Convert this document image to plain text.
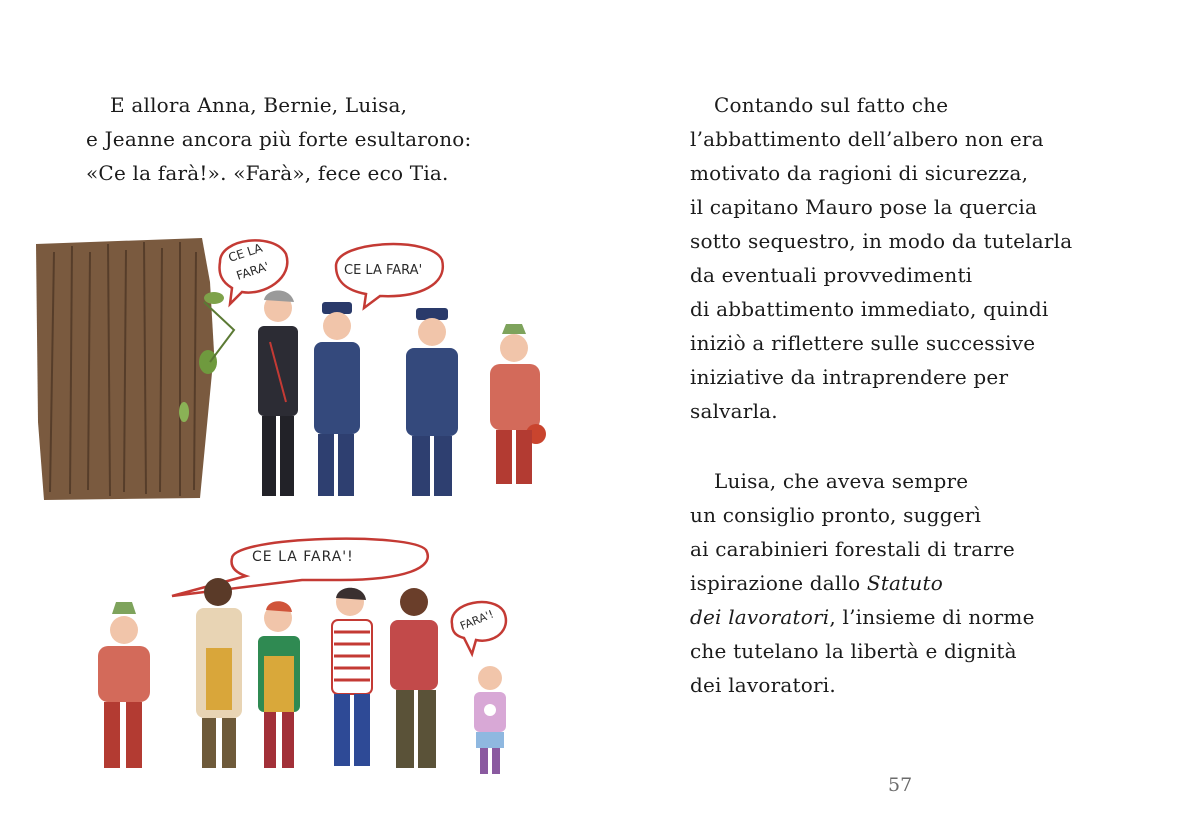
E allora Anna, Bernie, Luisa,
e Jeanne ancora più forte esultarono:
«Ce la farà!». «Farà», fece eco Tia.

CE LA
FARA'	CE LA FARA'
CE LA FARA'!
FARA'!

Contando sul fatto che
l’abbattimento dell’albero non era
motivato da ragioni di sicurezza,
il capitano Mauro pose la quercia
sotto sequestro, in modo da tutelarla
da eventuali provvedimenti
di abbattimento immediato, quindi
iniziò a riflettere sulle successive
iniziative da intraprendere per
salvarla.

Luisa, che aveva sempre
un consiglio pronto, suggerì
ai carabinieri forestali di trarre
ispirazione dallo Statuto
dei lavoratori, l’insieme di norme
che tutelano la libertà e dignità
dei lavoratori.

57
